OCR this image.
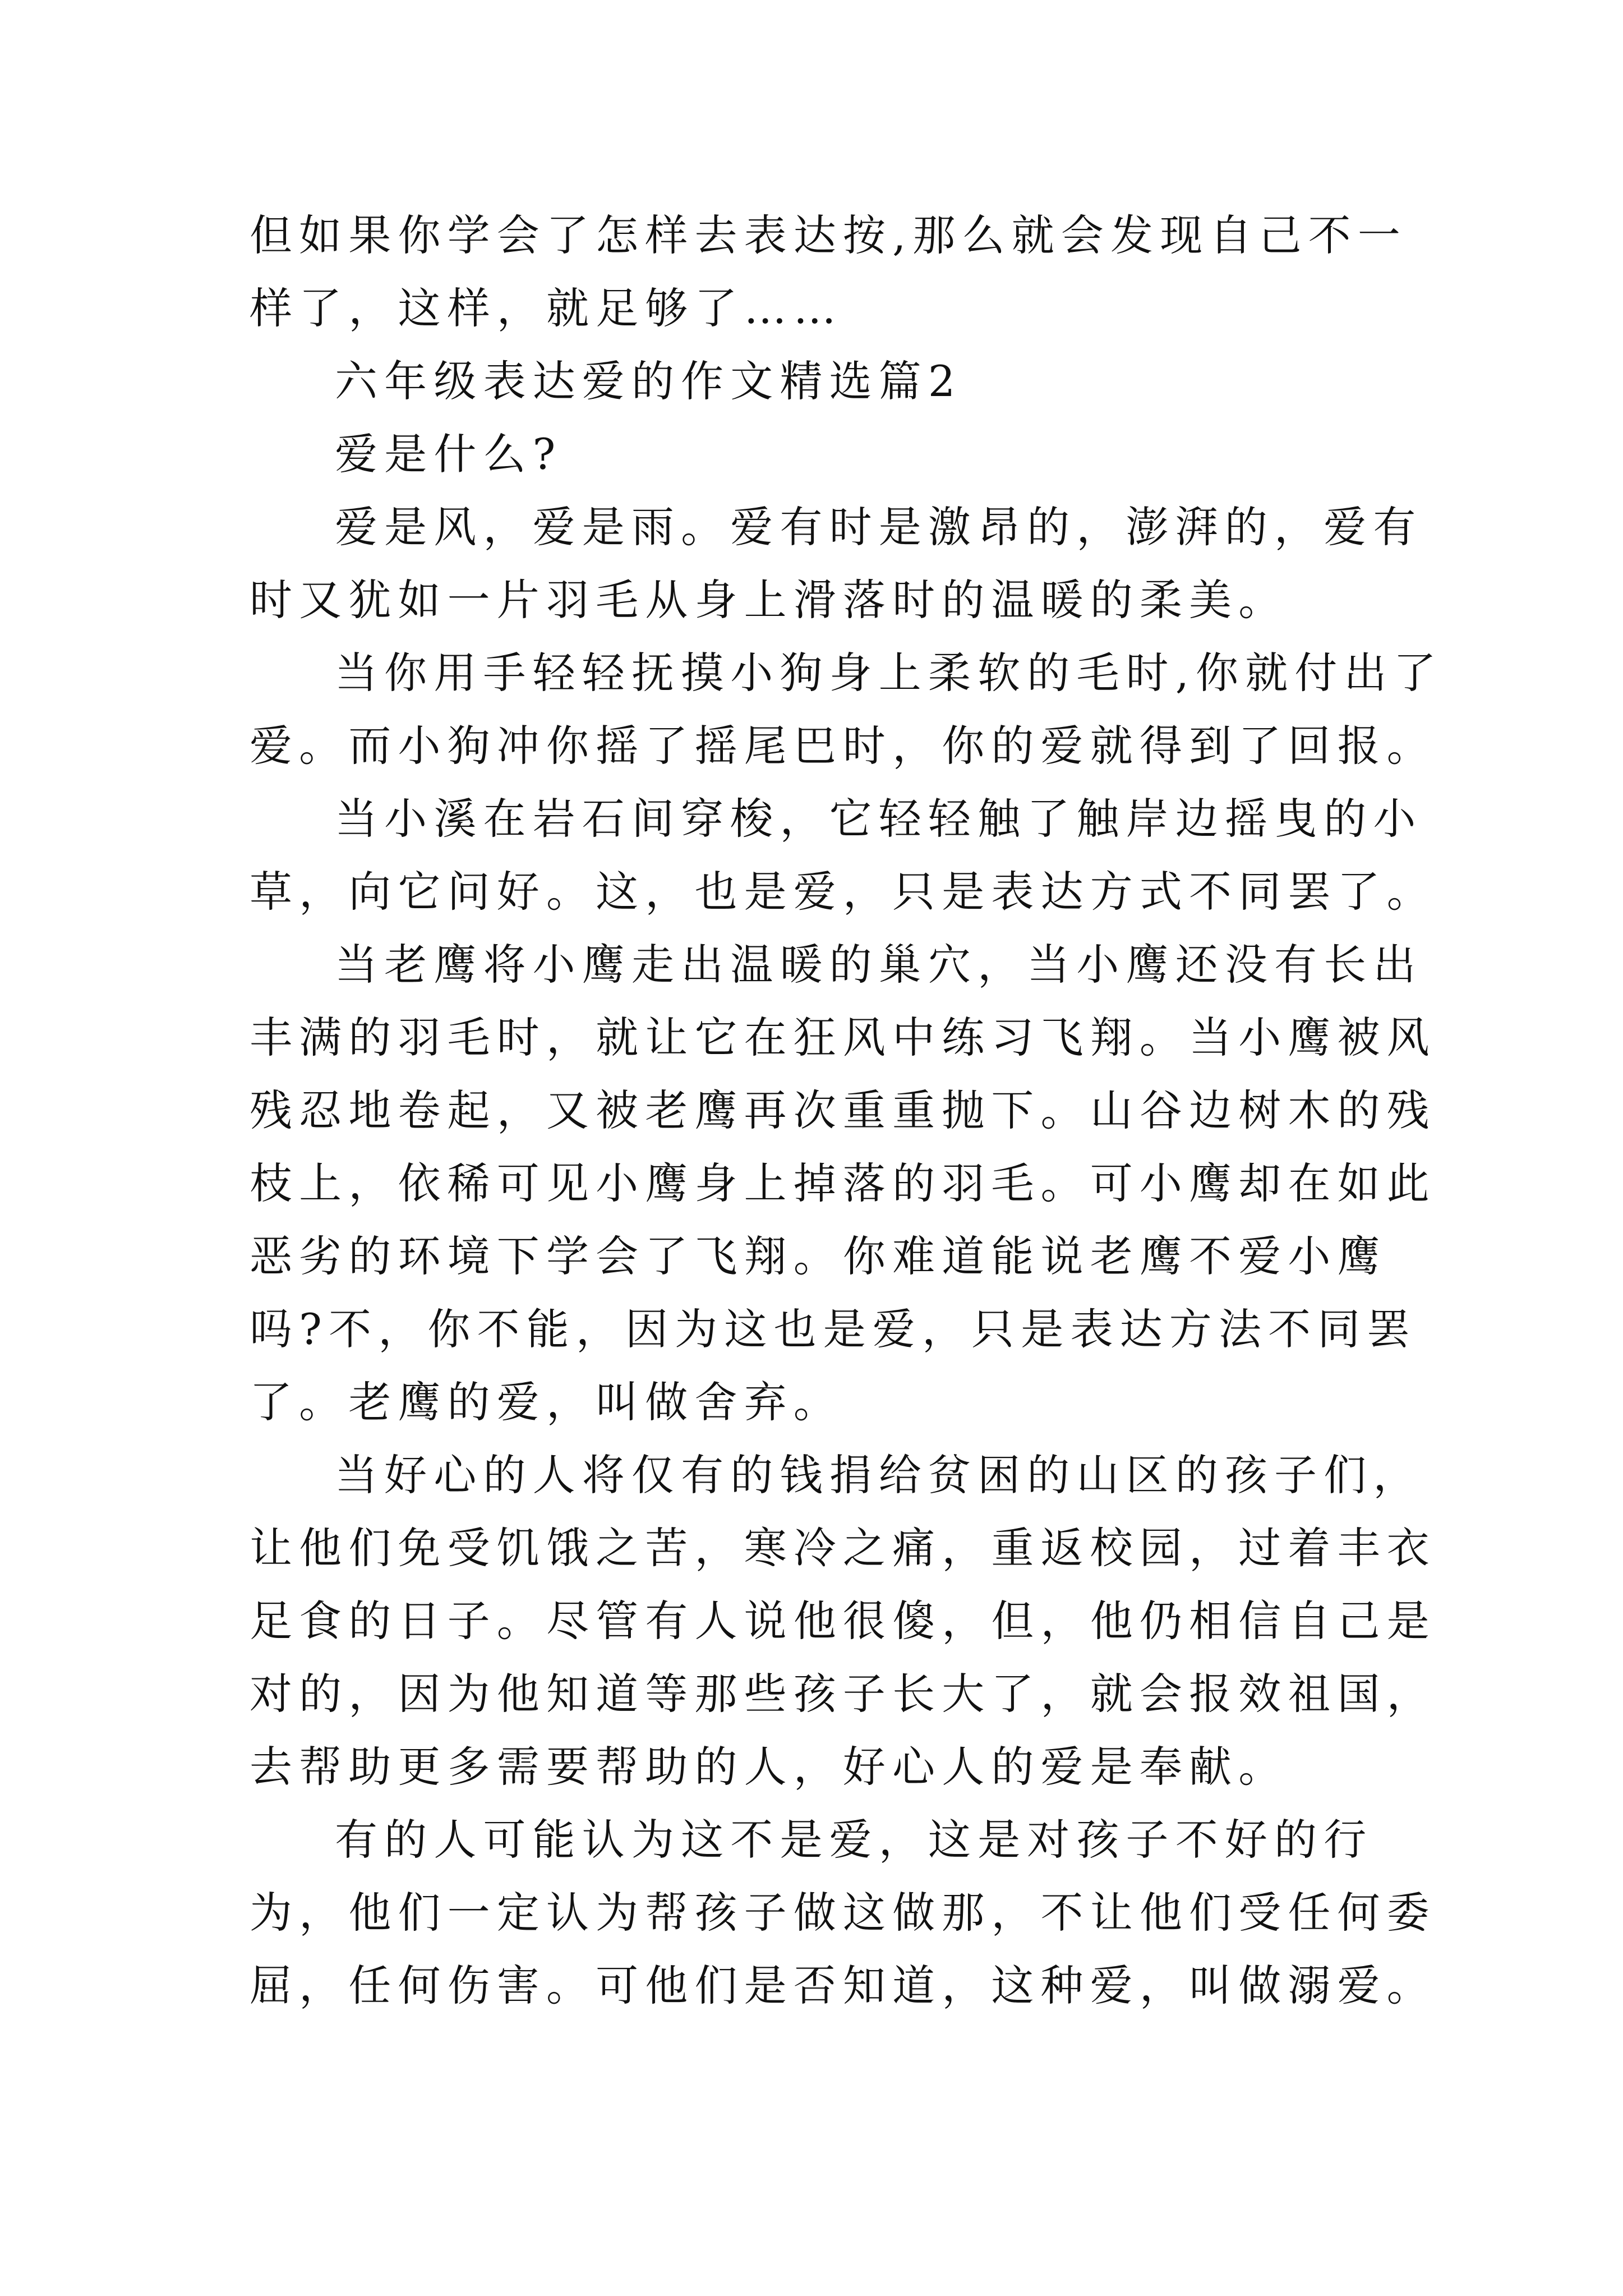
但如果你学会了怎样去表达按,那么就会发现自己不一样了，这样，就足够了……

六年级表达爱的作文精选篇2

爱是什么?

爱是风，爱是雨。爱有时是激昂的，澎湃的，爱有时又犹如一片羽毛从身上滑落时的温暖的柔美。

当你用手轻轻抚摸小狗身上柔软的毛时,你就付出了爱。而小狗冲你摇了摇尾巴时，你的爱就得到了回报。

当小溪在岩石间穿梭，它轻轻触了触岸边摇曳的小草，向它问好。这，也是爱，只是表达方式不同罢了。

当老鹰将小鹰走出温暖的巢穴，当小鹰还没有长出丰满的羽毛时，就让它在狂风中练习飞翔。当小鹰被风残忍地卷起，又被老鹰再次重重抛下。山谷边树木的残枝上，依稀可见小鹰身上掉落的羽毛。可小鹰却在如此恶劣的环境下学会了飞翔。你难道能说老鹰不爱小鹰吗?不，你不能，因为这也是爱，只是表达方法不同罢了。老鹰的爱，叫做舍弃。

当好心的人将仅有的钱捐给贫困的山区的孩子们，让他们免受饥饿之苦，寒冷之痛，重返校园，过着丰衣足食的日子。尽管有人说他很傻，但，他仍相信自己是对的，因为他知道等那些孩子长大了，就会报效祖国，去帮助更多需要帮助的人，好心人的爱是奉献。

有的人可能认为这不是爱，这是对孩子不好的行为，他们一定认为帮孩子做这做那，不让他们受任何委屈，任何伤害。可他们是否知道，这种爱，叫做溺爱。
